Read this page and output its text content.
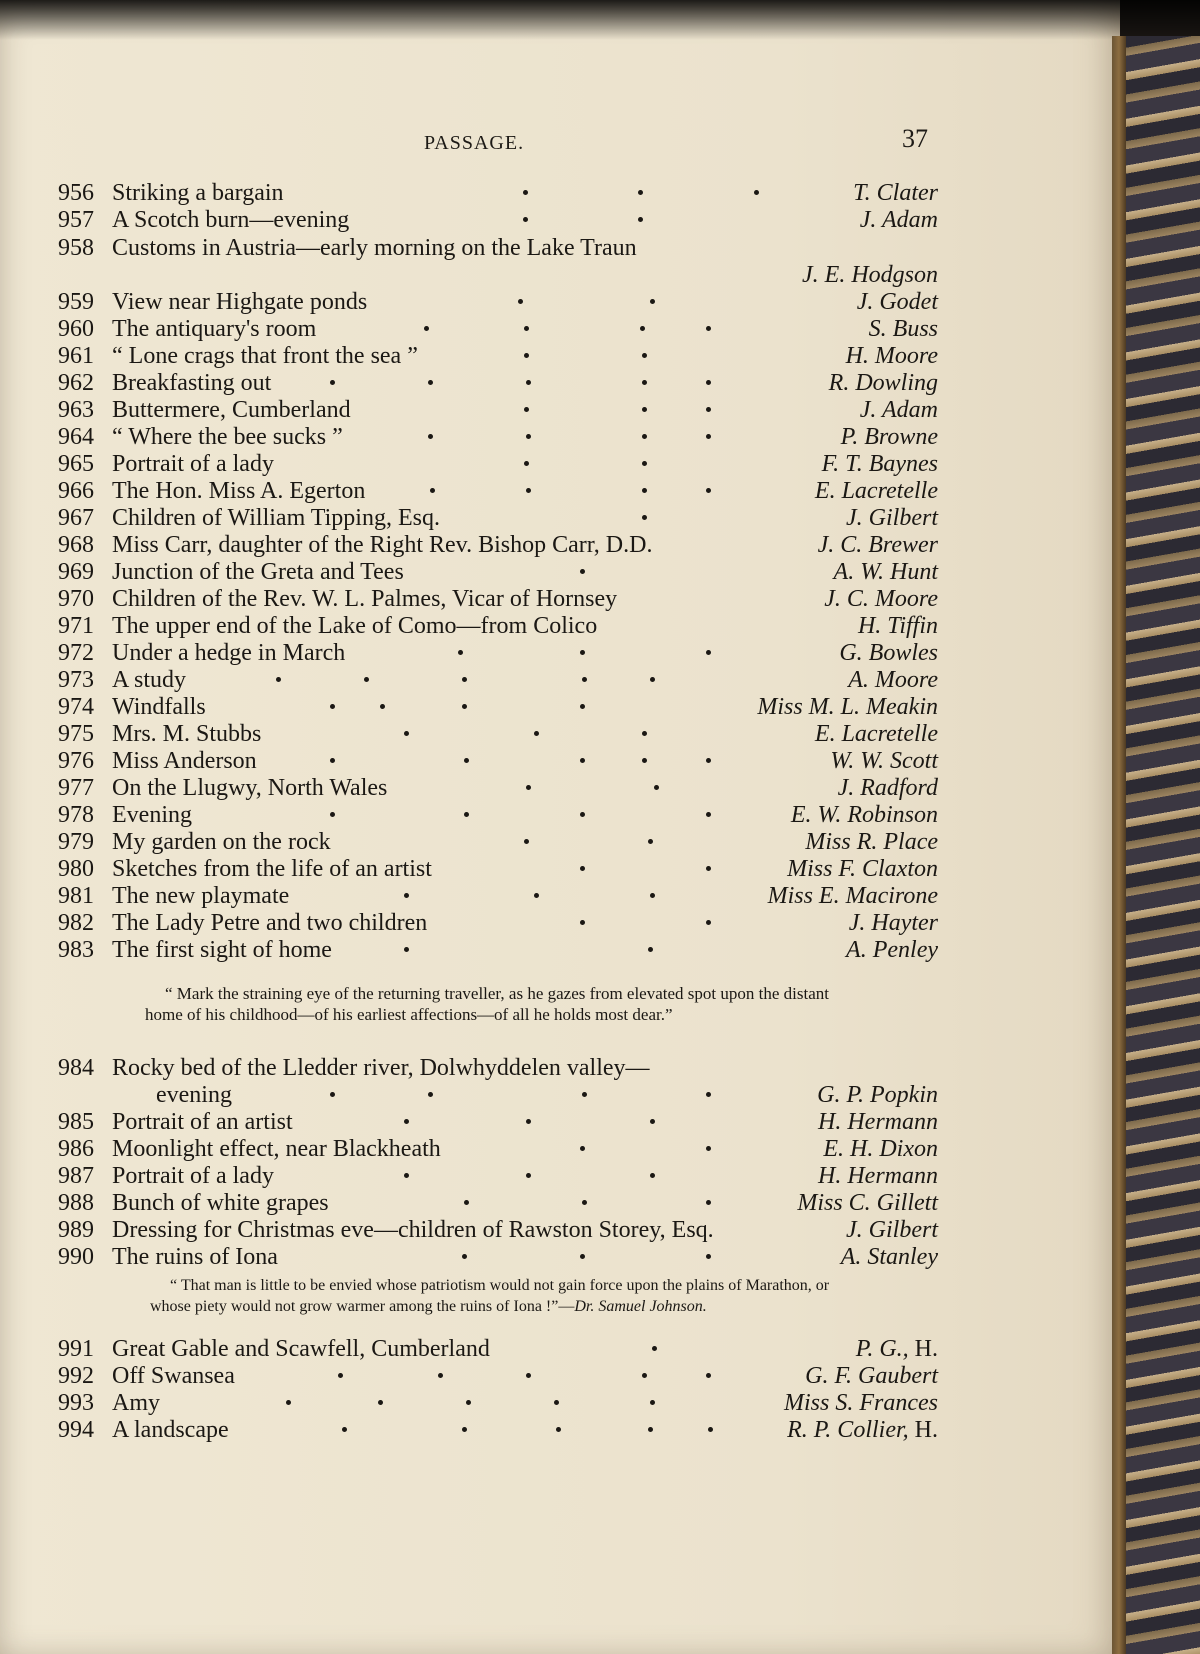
PASSAGE.	37
956 Striking a bargain	T. Clater
957 A Scotch burn—evening	J. Adam
958 Customs in Austria—early morning on the Lake Traun
J. E. Hodgson
959 View near Highgate ponds	J. Godet
960 The antiquary's room	S. Buss
961 “ Lone crags that front the sea ”	H. Moore
962 Breakfasting out	R. Dowling
963 Buttermere, Cumberland	J. Adam
964 “ Where the bee sucks ”	P. Browne
965 Portrait of a lady	F. T. Baynes
966 The Hon. Miss A. Egerton	E. Lacretelle
967 Children of William Tipping, Esq.	J. Gilbert
968 Miss Carr, daughter of the Right Rev. Bishop Carr, D.D.	J. C. Brewer
969 Junction of the Greta and Tees	A. W. Hunt
970 Children of the Rev. W. L. Palmes, Vicar of Hornsey	J. C. Moore
971 The upper end of the Lake of Como—from Colico	H. Tiffin
972 Under a hedge in March	G. Bowles
973 A study	A. Moore
974 Windfalls	Miss M. L. Meakin
975 Mrs. M. Stubbs	E. Lacretelle
976 Miss Anderson	W. W. Scott
977 On the Llugwy, North Wales	J. Radford
978 Evening	E. W. Robinson
979 My garden on the rock	Miss R. Place
980 Sketches from the life of an artist	Miss F. Claxton
981 The new playmate	Miss E. Macirone
982 The Lady Petre and two children	J. Hayter
983 The first sight of home	A. Penley
“ Mark the straining eye of the returning traveller, as he gazes from elevated spot upon the distant home of his childhood—of his earliest affections—of all he holds most dear.”
984 Rocky bed of the Lledder river, Dolwhyddelen valley—
evening	G. P. Popkin
985 Portrait of an artist	H. Hermann
986 Moonlight effect, near Blackheath	E. H. Dixon
987 Portrait of a lady	H. Hermann
988 Bunch of white grapes	Miss C. Gillett
989 Dressing for Christmas eve—children of Rawston Storey, Esq.	J. Gilbert
990 The ruins of Iona	A. Stanley
“ That man is little to be envied whose patriotism would not gain force upon the plains of Marathon, or whose piety would not grow warmer among the ruins of Iona !”—Dr. Samuel Johnson.
991 Great Gable and Scawfell, Cumberland	P. G., H.
992 Off Swansea	G. F. Gaubert
993 Amy	Miss S. Frances
994 A landscape	R. P. Collier, H.
